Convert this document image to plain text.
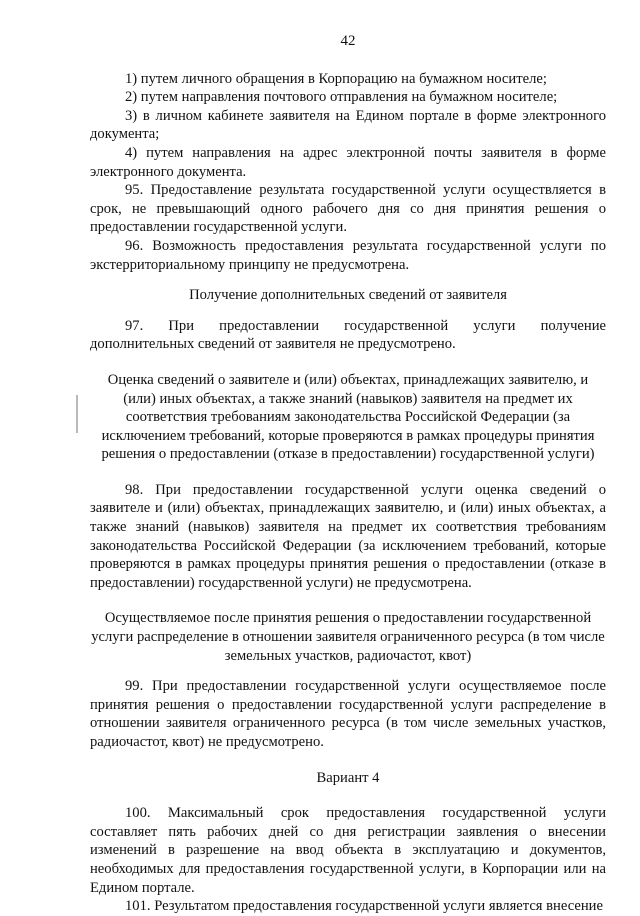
42

1) путем личного обращения в Корпорацию на бумажном носителе;

2) путем направления почтового отправления на бумажном носителе;

3) в личном кабинете заявителя на Едином портале в форме электронного документа;

4) путем направления на адрес электронной почты заявителя в форме электронного документа.

95. Предоставление результата государственной услуги осуществляется в срок, не превышающий одного рабочего дня со дня принятия решения о предоставлении государственной услуги.

96. Возможность предоставления результата государственной услуги по экстерриториальному принципу не предусмотрена.

Получение дополнительных сведений от заявителя

97. При предоставлении государственной услуги получение дополнительных сведений от заявителя не предусмотрено.

Оценка сведений о заявителе и (или) объектах, принадлежащих заявителю, и (или) иных объектах, а также знаний (навыков) заявителя на предмет их соответствия требованиям законодательства Российской Федерации (за исключением требований, которые проверяются в рамках процедуры принятия решения о предоставлении (отказе в предоставлении) государственной услуги)

98. При предоставлении государственной услуги оценка сведений о заявителе и (или) объектах, принадлежащих заявителю, и (или) иных объектах, а также знаний (навыков) заявителя на предмет их соответствия требованиям законодательства Российской Федерации (за исключением требований, которые проверяются в рамках процедуры принятия решения о предоставлении (отказе в предоставлении) государственной услуги) не предусмотрена.

Осуществляемое после принятия решения о предоставлении государственной услуги распределение в отношении заявителя ограниченного ресурса (в том числе земельных участков, радиочастот, квот)

99. При предоставлении государственной услуги осуществляемое после принятия решения о предоставлении государственной услуги распределение в отношении заявителя ограниченного ресурса (в том числе земельных участков, радиочастот, квот) не предусмотрено.

Вариант 4

100. Максимальный срок предоставления государственной услуги составляет пять рабочих дней со дня регистрации заявления о внесении изменений в разрешение на ввод объекта в эксплуатацию и документов, необходимых для предоставления государственной услуги, в Корпорации или на Едином портале.

101. Результатом предоставления государственной услуги является внесение
